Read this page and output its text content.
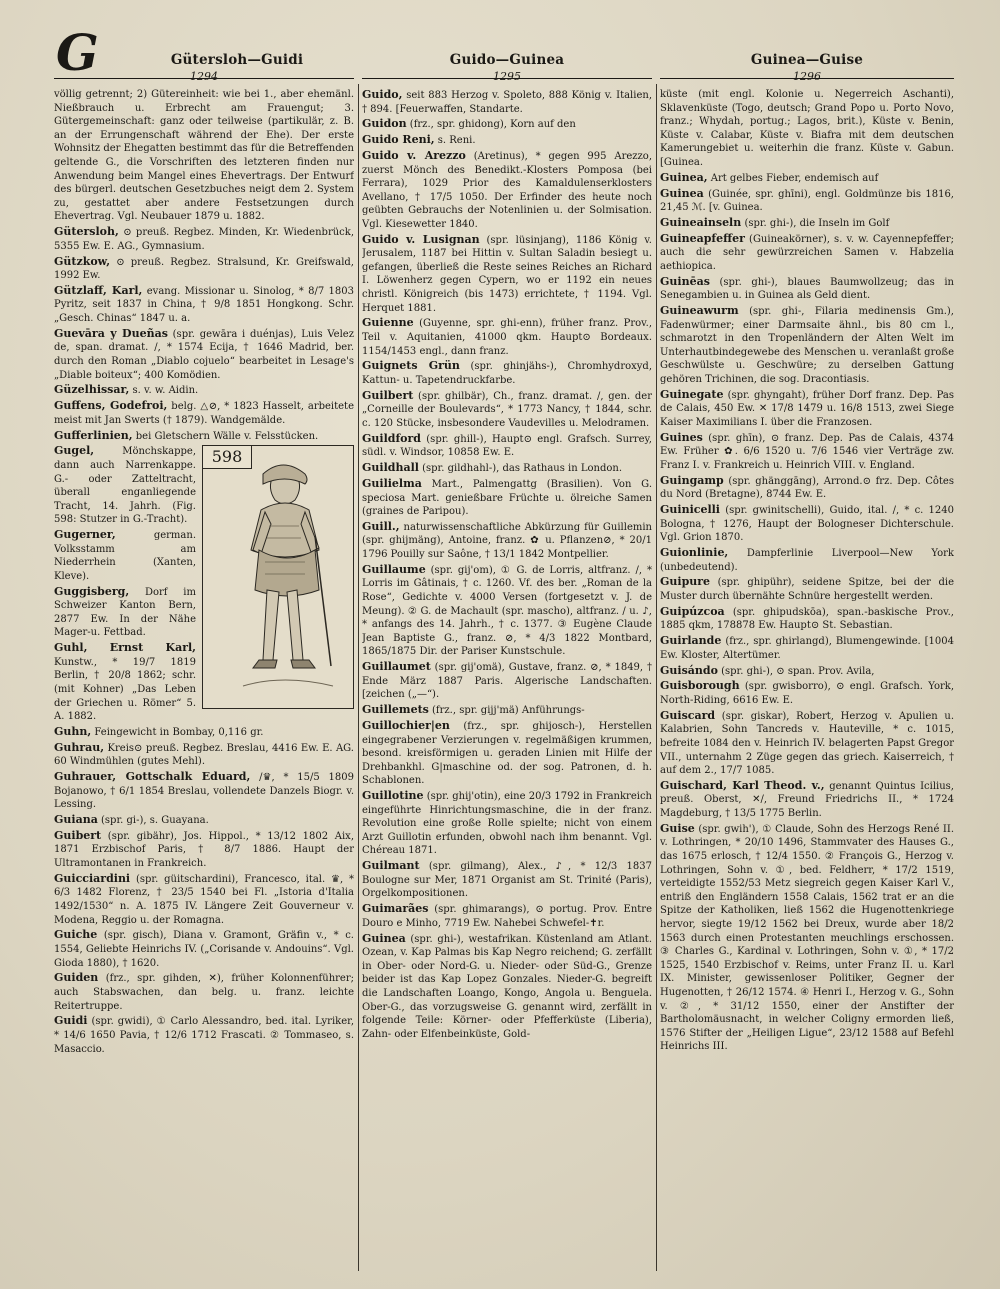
G	Gütersloh—Guidi	Guido—Guinea	Guinea—Guise
1294	1295	1296

völlig getrennt; 2) Gütereinheit: wie bei 1., aber ehemänl. Nießbrauch u. Erbrecht am Frauengut; 3. Gütergemeinschaft: ganz oder teilweise (partikulär, z. B. an der Errungenschaft während der Ehe). Der erste Wohnsitz der Ehegatten bestimmt das für die Betreffenden geltende G., die Vorschriften des letzteren finden nur Anwendung beim Mangel eines Ehevertrags. Der Entwurf des bürgerl. deutschen Gesetzbuches neigt dem 2. System zu, gestattet aber andere Festsetzungen durch Ehevertrag. Vgl. Neubauer 1879 u. 1882.

Gütersloh, ⊙ preuß. Regbez. Minden, Kr. Wiedenbrück, 5355 Ew. E. AG., Gymnasium.

Gützkow, ⊙ preuß. Regbez. Stralsund, Kr. Greifswald, 1992 Ew.

Gützlaff, Karl, evang. Missionar u. Sinolog, * 8/7 1803 Pyritz, seit 1837 in China, † 9/8 1851 Hongkong. Schr. „Gesch. Chinas“ 1847 u. a.

Guevāra y Dueñas (spr. gewāra i duénjas), Luis Velez de, span. dramat. /, * 1574 Ecija, † 1646 Madrid, ber. durch den Roman „Diablo cojuelo“ bearbeitet in Lesage's „Diable boiteux“; 400 Komödien.

Güzelhissar, s. v. w. Aidin.

Guffens, Godefroi, belg. △⊘, * 1823 Hasselt, arbeitete meist mit Jan Swerts († 1879). Wandgemälde.

Gufferlinien, bei Gletschern Wälle v. Felsstücken.

598

Gugel,	Mönchskappe, dann auch Narrenkappe. G.- oder Zatteltracht, überall enganliegende Tracht, 14. Jahrh. (Fig. 598: Stutzer in G.-Tracht).

Gugerner,	german. Volksstamm am Niederrhein (Xanten, Kleve).

Guggisberg, Dorf im Schweizer Kanton Bern, 2877 Ew. In der Nähe Mager-u. Fettbad.

Guhl, Ernst Karl, Kunstw., * 19/7 1819 Berlin, † 20/8 1862; schr. (mit Kohner) „Das Leben der Griechen u. Römer“ 5. A. 1882.

Guhn, Feingewicht in Bombay, 0,116 gr.

Guhrau, Kreis⊙ preuß. Regbez. Breslau, 4416 Ew. E. AG. 60 Windmühlen (gutes Mehl).

Guhrauer, Gottschalk Eduard, /♛, * 15/5 1809 Bojanowo, † 6/1 1854 Breslau, vollendete Danzels Biogr. v. Lessing.

Guiana (spr. gi-), s. Guayana.

Guibert (spr. gibähr), Jos. Hippol., * 13/12 1802 Aix, 1871 Erzbischof Paris, † 8/7 1886. Haupt der Ultramontanen in Frankreich.

Guicciardini (spr. güitschardini), Francesco, ital. ♛, * 6/3 1482 Florenz, † 23/5 1540 bei Fl. „Istoria d'Italia 1492/1530“ n. A. 1875 IV. Längere Zeit Gouverneur v. Modena, Reggio u. der Romagna.

Guiche (spr. gisch), Diana v. Gramont, Gräfin v., * c. 1554, Geliebte Heinrichs IV. („Corisande v. Andouins“. Vgl. Gioda 1880), † 1620.

Guiden (frz., spr. gihden, ✕), früher Kolonnenführer; auch Stabswachen, dan belg. u. franz. leichte Reitertruppe.

Guidi (spr. gwidi), ① Carlo Alessandro, bed. ital. Lyriker, * 14/6 1650 Pavia, † 12/6 1712 Frascati. ② Tommaseo, s. Masaccio.

Guido, seit 883 Herzog v. Spoleto, 888 König v. Italien, † 894. [Feuerwaffen, Standarte.

Guidon (frz., spr. ghidong), Korn auf den

Guido Reni, s. Reni.

Guido v. Arezzo (Aretinus), * gegen 995 Arezzo, zuerst Mönch des Benedikt.-Klosters Pomposa (bei Ferrara), 1029 Prior des Kamaldulenserklosters Avellano, † 17/5 1050. Der Erfinder des heute noch geübten Gebrauchs der Notenlinien u. der Solmisation. Vgl. Kiesewetter 1840.

Guido v. Lusignan (spr. lüsinjang), 1186 König v. Jerusalem, 1187 bei Hittin v. Sultan Saladin besiegt u. gefangen, überließ die Reste seines Reiches an Richard I. Löwenherz gegen Cypern, wo er 1192 ein neues christl. Königreich (bis 1473) errichtete, † 1194. Vgl. Herquet 1881.

Guienne (Guyenne, spr. ghi-enn), früher franz. Prov., Teil v. Aquitanien, 41000 qkm. Haupt⊙ Bordeaux. 1154/1453 engl., dann franz.

Guignets Grün (spr. ghinjähs-), Chromhydroxyd, Kattun- u. Tapetendruckfarbe.

Guilbert (spr. ghilbär), Ch., franz. dramat. /, gen. der „Corneille der Boulevards“, * 1773 Nancy, † 1844, schr. c. 120 Stücke, insbesondere Vaudevilles u. Melodramen.

Guildford (spr. ghill-), Haupt⊙ engl. Grafsch. Surrey, südl. v. Windsor, 10858 Ew. E.

Guildhall (spr. gildhahl-), das Rathaus in London.

Guilielma Mart., Palmengattg (Brasilien). Von G. speciosa Mart. genießbare Früchte u. ölreiche Samen (graines de Paripou).

Guill., naturwissenschaftliche Abkürzung für Guillemin (spr. ghijmäng), Antoine, franz. ✿ u. Pflanzen⊘, * 20/1 1796 Pouilly sur Saône, † 13/1 1842 Montpellier.

Guillaume (spr. gij'om), ① G. de Lorris, altfranz. /, * Lorris im Gâtinais, † c. 1260. Vf. des ber. „Roman de la Rose“, Gedichte v. 4000 Versen (fortgesetzt v. J. de Meung). ② G. de Machault (spr. mascho), altfranz. / u. ♪, * anfangs des 14. Jahrh., † c. 1377. ③ Eugène Claude Jean Baptiste G., franz. ⊘, * 4/3 1822 Montbard, 1865/1875 Dir. der Pariser Kunstschule.

Guillaumet (spr. gij'omä), Gustave, franz. ⊘, * 1849, † Ende März 1887 Paris. Algerische Landschaften. [zeichen („—“).

Guillemets (frz., spr. gijj'mä) Anführungs-

Guillochier|en (frz., spr. ghijosch-), Herstellen eingegrabener Verzierungen v. regelmäßigen krummen, besond. kreisförmigen u. geraden Linien mit Hilfe der Drehbankhl. G|maschine od. der sog. Patronen, d. h. Schablonen.

Guillotine (spr. ghij'otin), eine 20/3 1792 in Frankreich eingeführte Hinrichtungsmaschine, die in der franz. Revolution eine große Rolle spielte; nicht von einem Arzt Guillotin erfunden, obwohl nach ihm benannt. Vgl. Chéreau 1871.

Guilmant (spr. gilmang), Alex., ♪, * 12/3 1837 Boulogne sur Mer, 1871 Organist am St. Trinité (Paris), Orgelkompositionen.

Guimarães (spr. ghimarangs), ⊙ portug. Prov. Entre Douro e Minho, 7719 Ew. Nahebei Schwefel-✝r.

Guinea (spr. ghi-), westafrikan. Küstenland am Atlant. Ozean, v. Kap Palmas bis Kap Negro reichend; G. zerfällt in Ober- oder Nord-G. u. Nieder- oder Süd-G., Grenze beider ist das Kap Lopez Gonzales. Nieder-G. begreift die Landschaften Loango, Kongo, Angola u. Benguela. Ober-G., das vorzugsweise G. genannt wird, zerfällt in folgende Teile: Körner- oder Pfefferküste (Liberia), Zahn- oder Elfenbeinküste, Gold-

küste (mit engl. Kolonie u. Negerreich Aschanti), Sklavenküste (Togo, deutsch; Grand Popo u. Porto Novo, franz.; Whydah, portug.; Lagos, brit.), Küste v. Benin, Küste v. Calabar, Küste v. Biafra mit dem deutschen Kamerungebiet u. weiterhin die franz. Küste v. Gabun. [Guinea.

Guinea, Art gelbes Fieber, endemisch auf

Guinea (Guinée, spr. ghīni), engl. Goldmünze bis 1816, 21,45 ℳ. [v. Guinea.

Guineainseln (spr. ghi-), die Inseln im Golf

Guineapfeffer (Guineakörner), s. v. w. Cayennepfeffer; auch die sehr gewürzreichen Samen v. Habzelia aethiopica.

Guinēas (spr. ghi-), blaues Baumwollzeug; das in Senegambien u. in Guinea als Geld dient.

Guineawurm (spr. ghi-, Filaria medinensis Gm.), Fadenwürmer; einer Darmsaite ähnl., bis 80 cm l., schmarotzt in den Tropenländern der Alten Welt im Unterhautbindegewebe des Menschen u. veranlaßt große Geschwülste u. Geschwüre; zu derselben Gattung gehören Trichinen, die sog. Dracontiasis.

Guinegate (spr. ghyngaht), früher Dorf franz. Dep. Pas de Calais, 450 Ew. ✕ 17/8 1479 u. 16/8 1513, zwei Siege Kaiser Maximilians I. über die Franzosen.

Guines (spr. ghīn), ⊙ franz. Dep. Pas de Calais, 4374 Ew. Früher ✿. 6/6 1520 u. 7/6 1546 vier Verträge zw. Franz I. v. Frankreich u. Heinrich VIII. v. England.

Guingamp (spr. ghänggāng), Arrond.⊙ frz. Dep. Côtes du Nord (Bretagne), 8744 Ew. E.

Guinicelli (spr. gwinitschelli), Guido, ital. /, * c. 1240 Bologna, † 1276, Haupt der Bologneser Dichterschule. Vgl. Grion 1870.

Guionlinie, Dampferlinie Liverpool—New York (unbedeutend).

Guipure (spr. ghipühr), seidene Spitze, bei der die Muster durch übernähte Schnüre hergestellt werden.

Guipúzcoa (spr. ghipudskōa), span.-baskische Prov., 1885 qkm, 178878 Ew. Haupt⊙ St. Sebastian.

Guirlande (frz., spr. ghirlangd), Blumengewinde. [1004 Ew. Kloster, Altertümer.

Guisándo (spr. ghi-), ⊙ span. Prov. Avila,

Guisborough (spr. gwisborro), ⊙ engl. Grafsch. York, North-Riding, 6616 Ew. E.

Guiscard (spr. giskar), Robert, Herzog v. Apulien u. Kalabrien, Sohn Tancreds v. Hauteville, * c. 1015, befreite 1084 den v. Heinrich IV. belagerten Papst Gregor VII., unternahm 2 Züge gegen das griech. Kaiserreich, † auf dem 2., 17/7 1085.

Guischard, Karl Theod. v., genannt Quintus Icilius, preuß. Oberst, ✕/, Freund Friedrichs II., * 1724 Magdeburg, † 13/5 1775 Berlin.

Guise (spr. gwih'), ① Claude, Sohn des Herzogs René II. v. Lothringen, * 20/10 1496, Stammvater des Hauses G., das 1675 erlosch, † 12/4 1550. ② François G., Herzog v. Lothringen, Sohn v. ①, bed. Feldherr, * 17/2 1519, verteidigte 1552/53 Metz siegreich gegen Kaiser Karl V., entriß den Engländern 1558 Calais, 1562 trat er an die Spitze der Katholiken, ließ 1562 die Hugenottenkriege hervor, siegte 19/12 1562 bei Dreux, wurde aber 18/2 1563 durch einen Protestanten meuchlings erschossen. ③ Charles G., Kardinal v. Lothringen, Sohn v. ①, * 17/2 1525, 1540 Erzbischof v. Reims, unter Franz II. u. Karl IX. Minister, gewissenloser Politiker, Gegner der Hugenotten, † 26/12 1574. ④ Henri I., Herzog v. G., Sohn v. ②, * 31/12 1550, einer der Anstifter der Bartholomäusnacht, in welcher Coligny ermorden ließ, 1576 Stifter der „Heiligen Ligue“, 23/12 1588 auf Befehl Heinrichs III.
